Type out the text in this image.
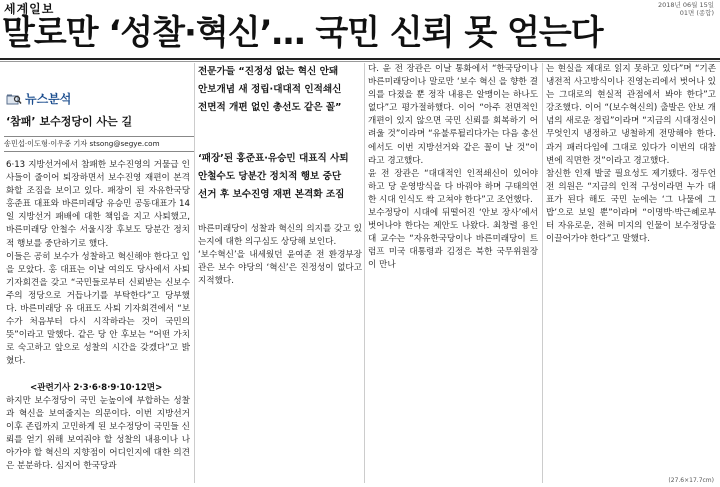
세계일보	2018년 06월 15일
01면 (종합)
말로만 ‘성찰·혁신’… 국민 신뢰 못 얻는다
뉴스분석
‘참패’ 보수정당이 사는 길
송민섭·이도형·이우중 기자 stsong@segye.com
6·13 지방선거에서 참패한 보수진영의 거물급 인사들이 줄이어 퇴장하면서 보수진영 재편이 본격화할 조짐을 보이고 있다. 패장이 된 자유한국당 홍준표 대표와 바른미래당 유승민 공동대표가 14일 지방선거 패배에 대한 책임을 지고 사퇴했고, 바른미래당 안철수 서울시장 후보도 당분간 정치적 행보를 중단하기로 했다.
이들은 공히 보수가 성찰하고 혁신해야 한다고 입을 모았다. 홍 대표는 이날 여의도 당사에서 사퇴 기자회견을 갖고 “국민들로부터 신뢰받는 신보수주의 정당으로 거듭나기를 부탁한다”고 당부했다. 바른미래당 유 대표도 사퇴 기자회견에서 “보수가 처음부터 다시 시작하라는 것이 국민의 뜻”이라고 말했다. 같은 당 안 후보는 “어떤 가치로 숙고하고 앞으로 성찰의 시간을 갖겠다”고 밝혔다.
<관련기사 2·3·6·8·9·10·12면>
하지만 보수정당이 국민 눈높이에 부합하는 성찰과 혁신을 보여줄지는 의문이다. 이번 지방선거 이후 존립까지 고민하게 된 보수정당이 국민들 신뢰를 얻기 위해 보여줘야 할 성찰의 내용이나 나아가야 할 혁신의 지향점이 어디인지에 대한 의견은 분분하다. 심지어 한국당과
전문가들 “진정성 없는 혁신 안돼
안보개념 새 정립·대대적 인적쇄신
전면적 개편 없인 총선도 같은 꼴”
‘패장’된 홍준표·유승민 대표직 사퇴
안철수도 당분간 정치적 행보 중단
선거 후 보수진영 재편 본격화 조짐
바른미래당이 성찰과 혁신의 의지를 갖고 있는지에 대한 의구심도 상당해 보인다.
‘보수혁신’을 내세웠던 윤여준 전 환경부장관은 보수 야당의 ‘혁신’은 진정성이 없다고 지적했다.
다. 윤 전 장관은 이날 통화에서 “한국당이나 바른미래당이나 말로만 ‘보수 혁신 을 향한 결의를 다졌을 뿐 정작 내용은 알맹이는 하나도 없다”고 평가절하했다. 이어 “아주 전면적인 개편이 있지 않으면 국민 신뢰를 회복하기 어려울 것”이라며 “유불루될리다가는 다음 총선에서도 이번 지방선거와 같은 꼴이 날 것”이라고 경고했다.
윤 전 장관은 “대대적인 인적쇄신이 있어야 하고 당 운영방식을 다 바꿔야 하며 구태의연한 시대 인식도 싹 고쳐야 한다”고 조언했다.
보수정당이 시대에 뒤떨어진 ‘안보 장사’에서 벗어나야 한다는 제안도 나왔다. 최창렬 용인대 교수는 “자유한국당이나 바른미래당이 트럼프 미국 대통령과 김정은 북한 국무위원장이 만나
는 현실을 제대로 읽지 못하고 있다”며 “기존 냉전적 사고방식이나 진영논리에서 벗어나 있는 그대로의 현실적 관점에서 봐야 한다”고 강조했다. 이어 “(보수혁신의) 출발은 안보 개념의 새로운 정립”이라며 “지금의 시대정신이 무엇인지 냉정하고 냉철하게 전망해야 한다. 과거 패러다임에 그대로 있다가 이번의 대참변에 직면한 것”이라고 경고했다.
참신한 인재 발굴 필요성도 제기됐다. 정두언 전 의원은 “지금의 인적 구성이라면 누가 대표가 된다 해도 국민 눈에는 ‘그 나물에 그 밥’으로 보일 뿐”이라며 “이명박·박근혜로부터 자유로운, 전혀 미지의 인물이 보수정당을 이끌어가야 한다”고 말했다.
(27.6×17.7cm)
